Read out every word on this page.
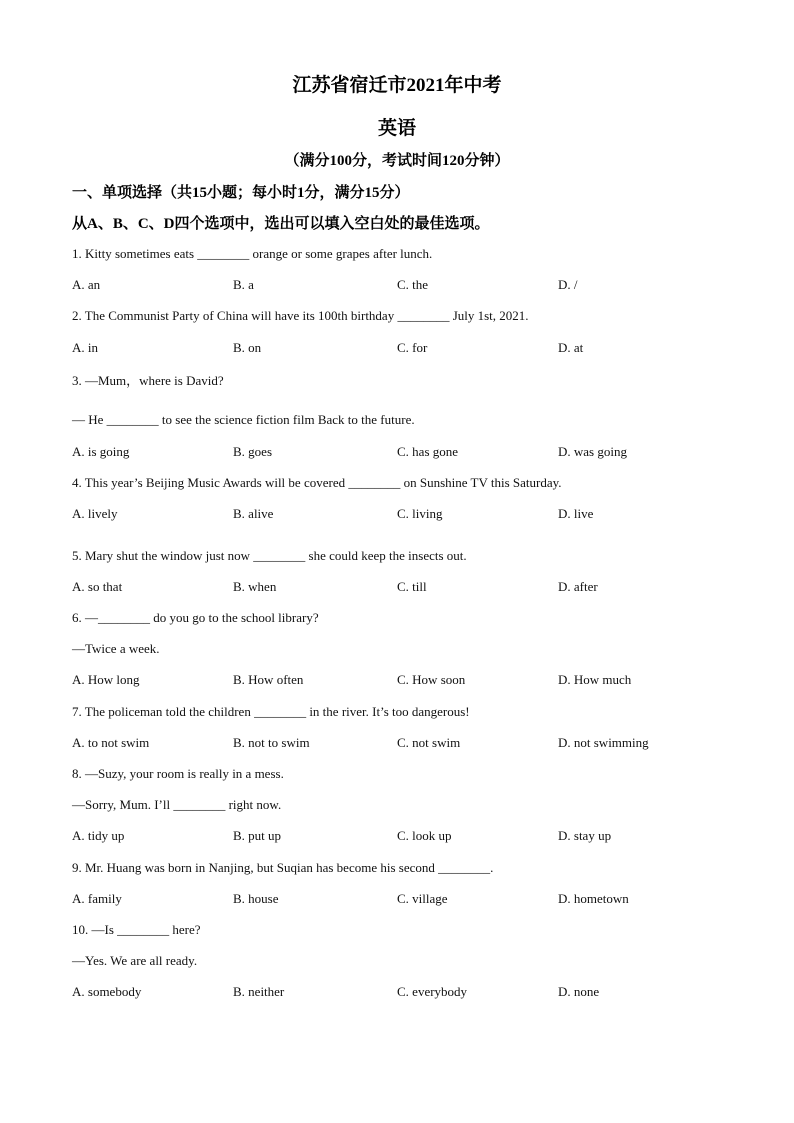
江苏省宿迁市2021年中考
英语
（满分100分，考试时间120分钟）
一、单项选择（共15小题；每小时1分，满分15分）
从A、B、C、D四个选项中，选出可以填入空白处的最佳选项。
1. Kitty sometimes eats ________ orange or some grapes after lunch.
A. an	B. a	C. the	D. /
2. The Communist Party of China will have its 100th birthday ________ July 1st, 2021.
A. in	B. on	C. for	D. at
3. —Mum，where is David?
— He ________ to see the science fiction film Back to the future.
A. is going	B. goes	C. has gone	D. was going
4. This year’s Beijing Music Awards will be covered ________ on Sunshine TV this Saturday.
A. lively	B. alive	C. living	D. live
5. Mary shut the window just now ________ she could keep the insects out.
A. so that	B. when	C. till	D. after
6. —________ do you go to the school library?
—Twice a week.
A. How long	B. How often	C. How soon	D. How much
7. The policeman told the children ________ in the river. It’s too dangerous!
A. to not swim	B. not to swim	C. not swim	D. not swimming
8. —Suzy, your room is really in a mess.
—Sorry, Mum. I’ll ________ right now.
A. tidy up	B. put up	C. look up	D. stay up
9. Mr. Huang was born in Nanjing, but Suqian has become his second ________.
A. family	B. house	C. village	D. hometown
10. —Is ________ here?
—Yes. We are all ready.
A. somebody	B. neither	C. everybody	D. none
